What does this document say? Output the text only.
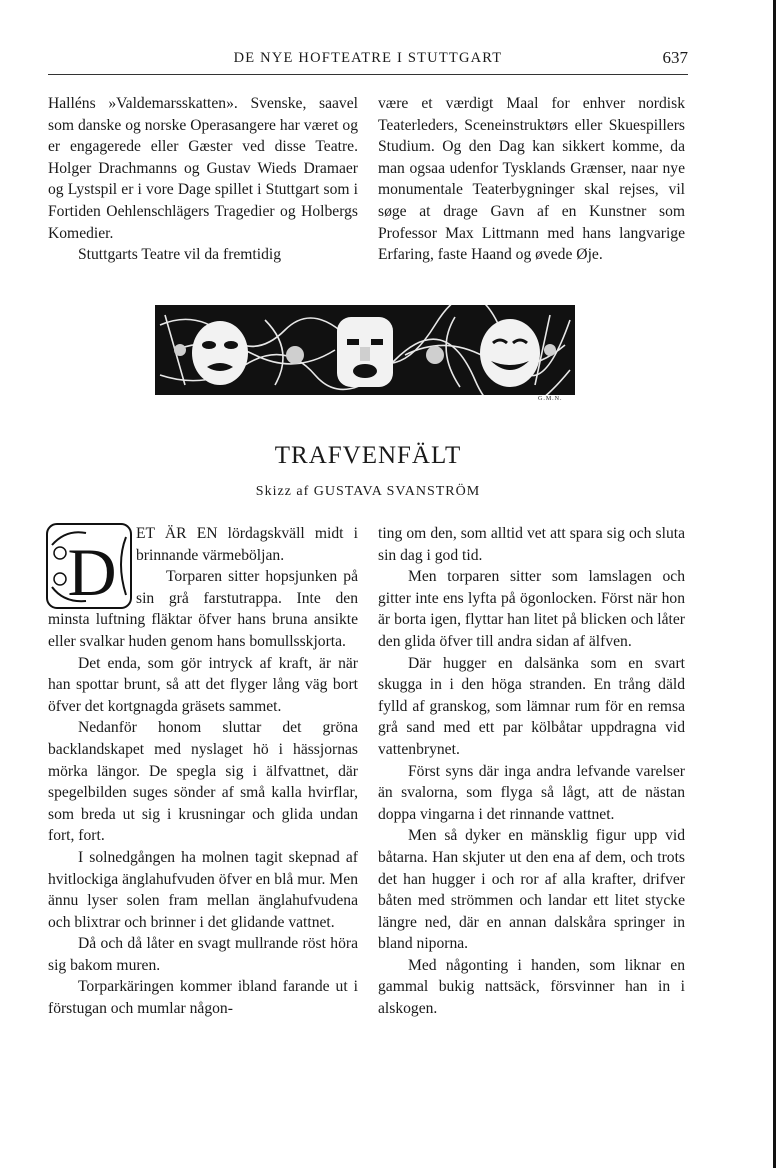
DE NYE HOFTEATRE I STUTTGART	637

Halléns »Valdemarsskatten». Svenske, saavel som danske og norske Operasangere har været og er engagerede eller Gæster ved disse Teatre. Holger Drachmanns og Gustav Wieds Dramaer og Lystspil er i vore Dage spillet i Stuttgart som i Fortiden Oehlenschlägers Tragedier og Holbergs Komedier.

Stuttgarts Teatre vil da fremtidig

være et værdigt Maal for enhver nordisk Teaterleders, Sceneinstruktørs eller Skuespillers Studium. Og den Dag kan sikkert komme, da man ogsaa udenfor Tysklands Grænser, naar nye monumentale Teaterbygninger skal rejses, vil søge at drage Gavn af en Kunstner som Professor Max Littmann med hans langvarige Erfaring, faste Haand og øvede Øje.

G.M.N.
TRAFVENFÄLT
Skizz af GUSTAVA SVANSTRÖM
D

ET ÄR EN lördagskväll midt i brinnande värmeböljan.

Torparen sitter hopsjunken på sin grå farstutrappa. Inte den minsta luftning fläktar öfver hans bruna ansikte eller svalkar huden genom hans bomullsskjorta.

Det enda, som gör intryck af kraft, är när han spottar brunt, så att det flyger lång väg bort öfver det kortgnagda gräsets sammet.

Nedanför honom sluttar det gröna backlandskapet med nyslaget hö i hässjornas mörka längor. De spegla sig i älfvattnet, där spegelbilden suges sönder af små kalla hvirflar, som breda ut sig i krusningar och glida undan fort, fort.

I solnedgången ha molnen tagit skepnad af hvitlockiga änglahufvuden öfver en blå mur. Men ännu lyser solen fram mellan änglahufvudena och blixtrar och brinner i det glidande vattnet.

Då och då låter en svagt mullrande röst höra sig bakom muren.

Torparkäringen kommer ibland farande ut i förstugan och mumlar någon-

ting om den, som alltid vet att spara sig och sluta sin dag i god tid.

Men torparen sitter som lamslagen och gitter inte ens lyfta på ögonlocken. Först när hon är borta igen, flyttar han litet på blicken och låter den glida öfver till andra sidan af älfven.

Där hugger en dalsänka som en svart skugga in i den höga stranden. En trång däld fylld af granskog, som lämnar rum för en remsa grå sand med ett par kölbåtar uppdragna vid vattenbrynet.

Först syns där inga andra lefvande varelser än svalorna, som flyga så lågt, att de nästan doppa vingarna i det rinnande vattnet.

Men så dyker en mänsklig figur upp vid båtarna. Han skjuter ut den ena af dem, och trots det han hugger i och ror af alla krafter, drifver båten med strömmen och landar ett litet stycke längre ned, där en annan dalskåra springer in bland niporna.

Med någonting i handen, som liknar en gammal bukig nattsäck, försvinner han in i alskogen.
